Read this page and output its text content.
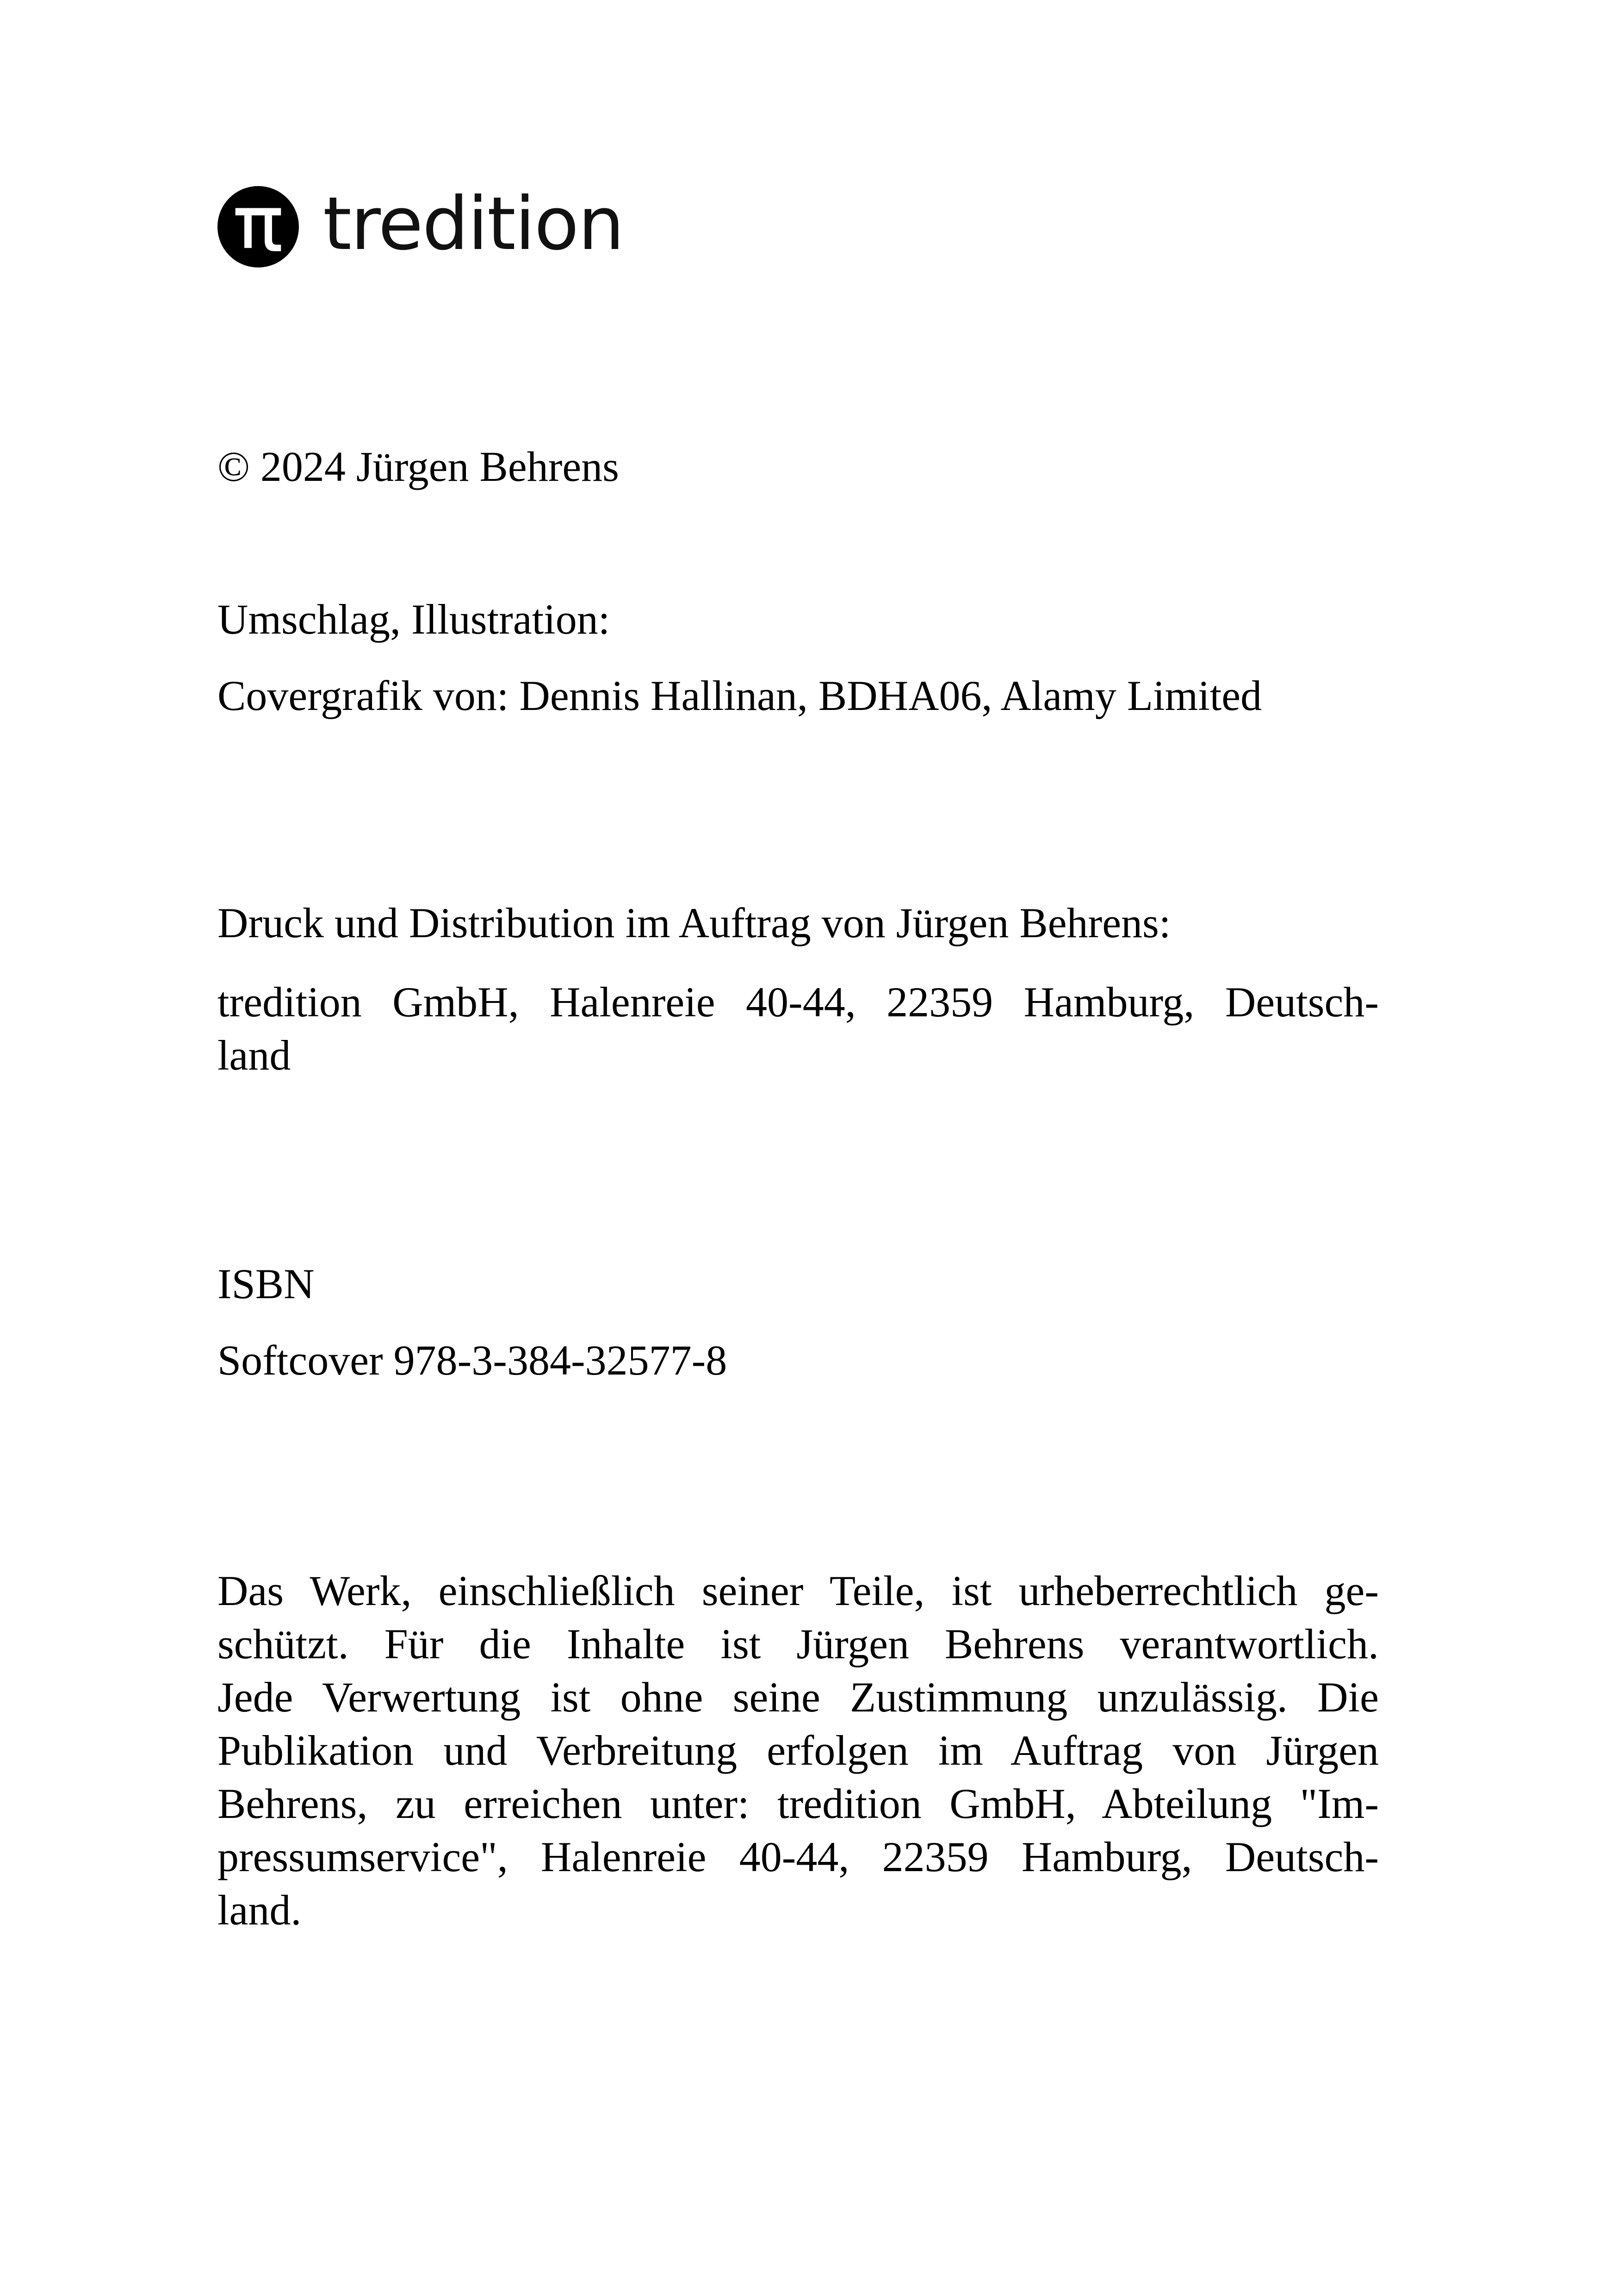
tredition

© 2024 Jürgen Behrens

Umschlag, Illustration:

Covergrafik von: Dennis Hallinan, BDHA06, Alamy Limited

Druck und Distribution im Auftrag von Jürgen Behrens:

tredition GmbH, Halenreie 40-44, 22359 Hamburg, Deutsch-
land

ISBN

Softcover 978-3-384-32577-8

Das Werk, einschließlich seiner Teile, ist urheberrechtlich ge-
schützt. Für die Inhalte ist Jürgen Behrens verantwortlich.
Jede Verwertung ist ohne seine Zustimmung unzulässig. Die
Publikation und Verbreitung erfolgen im Auftrag von Jürgen
Behrens, zu erreichen unter: tredition GmbH, Abteilung "Im-
pressumservice", Halenreie 40-44, 22359 Hamburg, Deutsch-
land.
